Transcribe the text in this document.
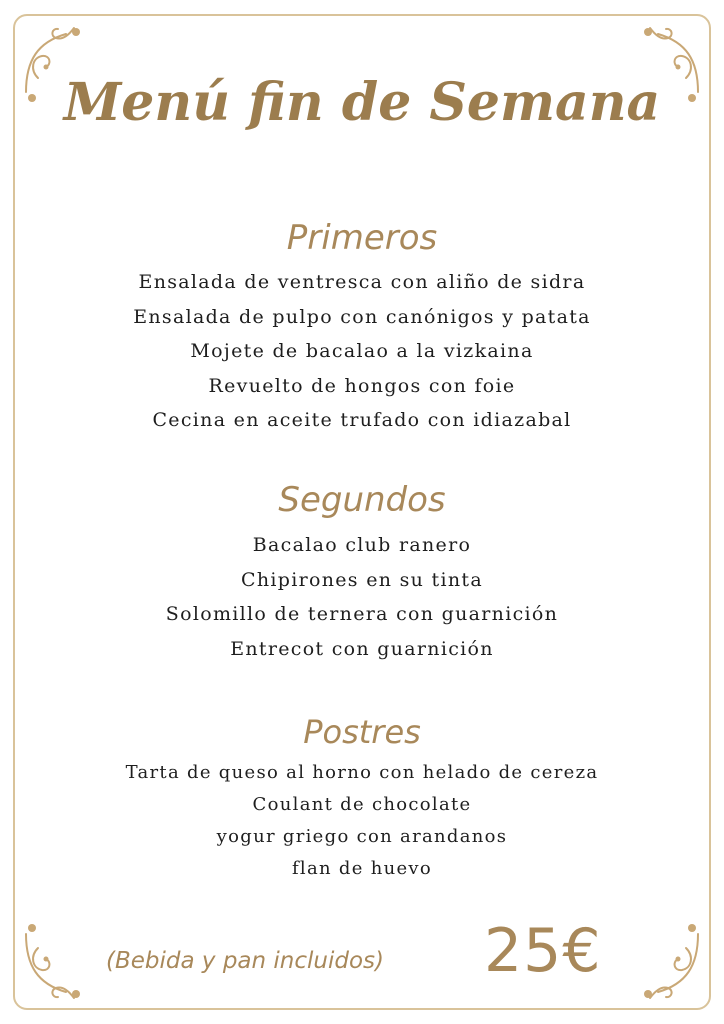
Menú fin de Semana
Primeros
Ensalada de ventresca con aliño de sidra
Ensalada de pulpo con canónigos y patata
Mojete de bacalao a la vizkaina
Revuelto de hongos con foie
Cecina en aceite trufado con idiazabal
Segundos
Bacalao club ranero
Chipirones en su tinta
Solomillo de ternera con guarnición
Entrecot con guarnición
Postres
Tarta de queso al horno con helado de cereza
Coulant de chocolate
yogur griego con arandanos
flan de huevo
(Bebida y pan incluidos) 25€
